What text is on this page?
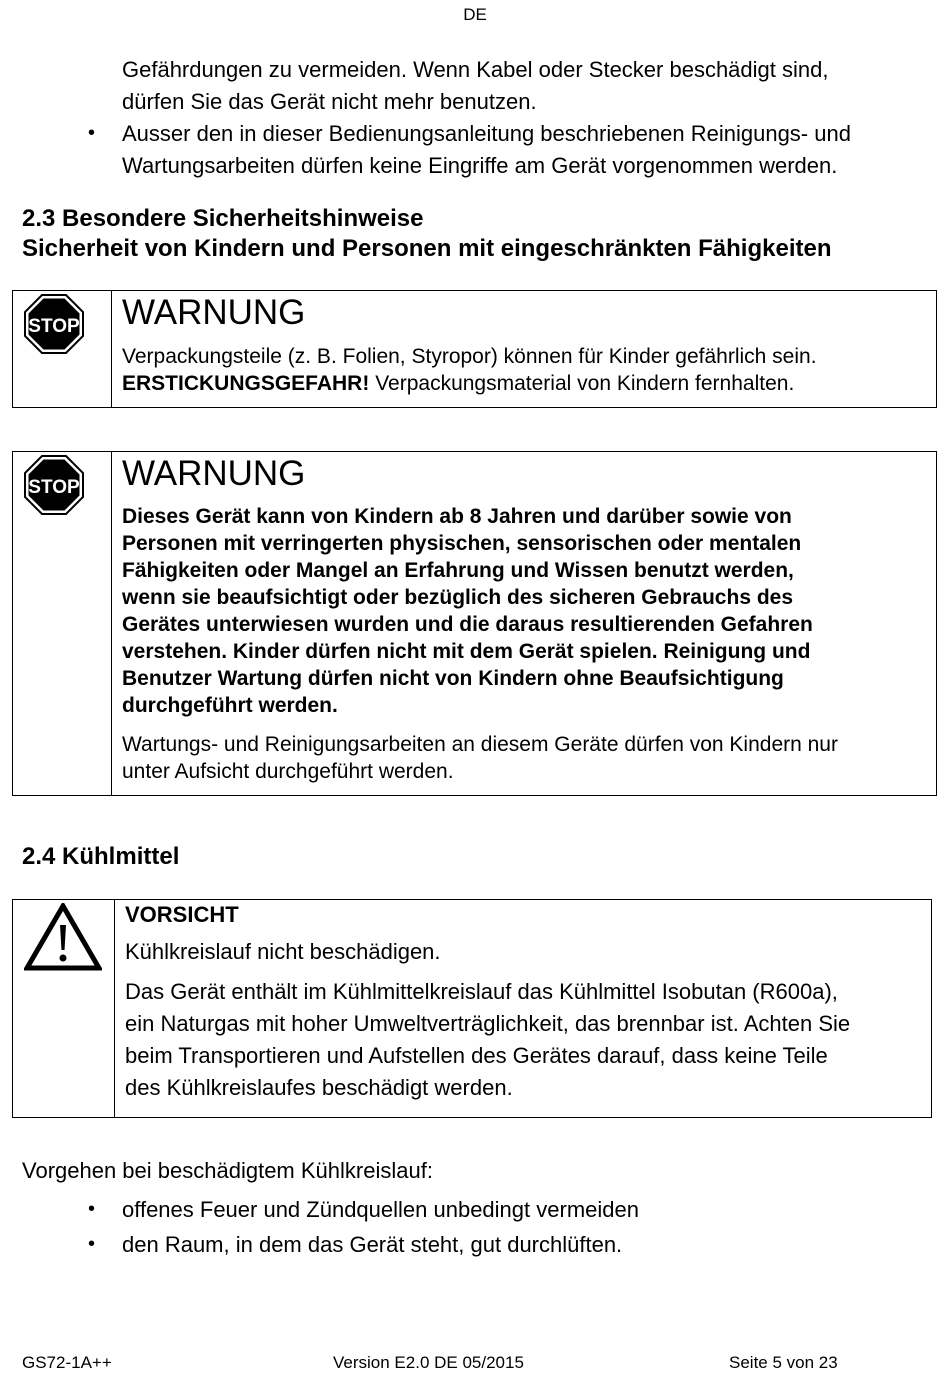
DE
Gefährdungen zu vermeiden. Wenn Kabel oder Stecker beschädigt sind,
dürfen Sie das Gerät nicht mehr benutzen.
• Ausser den in dieser Bedienungsanleitung beschriebenen Reinigungs- und
Wartungsarbeiten dürfen keine Eingriffe am Gerät vorgenommen werden.
2.3 Besondere Sicherheitshinweise
Sicherheit von Kindern und Personen mit eingeschränkten Fähigkeiten
STOP WARNUNG
Verpackungsteile (z. B. Folien, Styropor) können für Kinder gefährlich sein.
ERSTICKUNGSGEFAHR! Verpackungsmaterial von Kindern fernhalten.
STOP WARNUNG
Dieses Gerät kann von Kindern ab 8 Jahren und darüber sowie von
Personen mit verringerten physischen, sensorischen oder mentalen
Fähigkeiten oder Mangel an Erfahrung und Wissen benutzt werden,
wenn sie beaufsichtigt oder bezüglich des sicheren Gebrauchs des
Gerätes unterwiesen wurden und die daraus resultierenden Gefahren
verstehen. Kinder dürfen nicht mit dem Gerät spielen. Reinigung und
Benutzer Wartung dürfen nicht von Kindern ohne Beaufsichtigung
durchgeführt werden.
Wartungs- und Reinigungsarbeiten an diesem Geräte dürfen von Kindern nur
unter Aufsicht durchgeführt werden.
2.4 Kühlmittel
VORSICHT
Kühlkreislauf nicht beschädigen.
Das Gerät enthält im Kühlmittelkreislauf das Kühlmittel Isobutan (R600a),
ein Naturgas mit hoher Umweltverträglichkeit, das brennbar ist. Achten Sie
beim Transportieren und Aufstellen des Gerätes darauf, dass keine Teile
des Kühlkreislaufes beschädigt werden.
Vorgehen bei beschädigtem Kühlkreislauf:
• offenes Feuer und Zündquellen unbedingt vermeiden
• den Raum, in dem das Gerät steht, gut durchlüften.
GS72-1A++	Version E2.0 DE 05/2015	Seite 5 von 23
